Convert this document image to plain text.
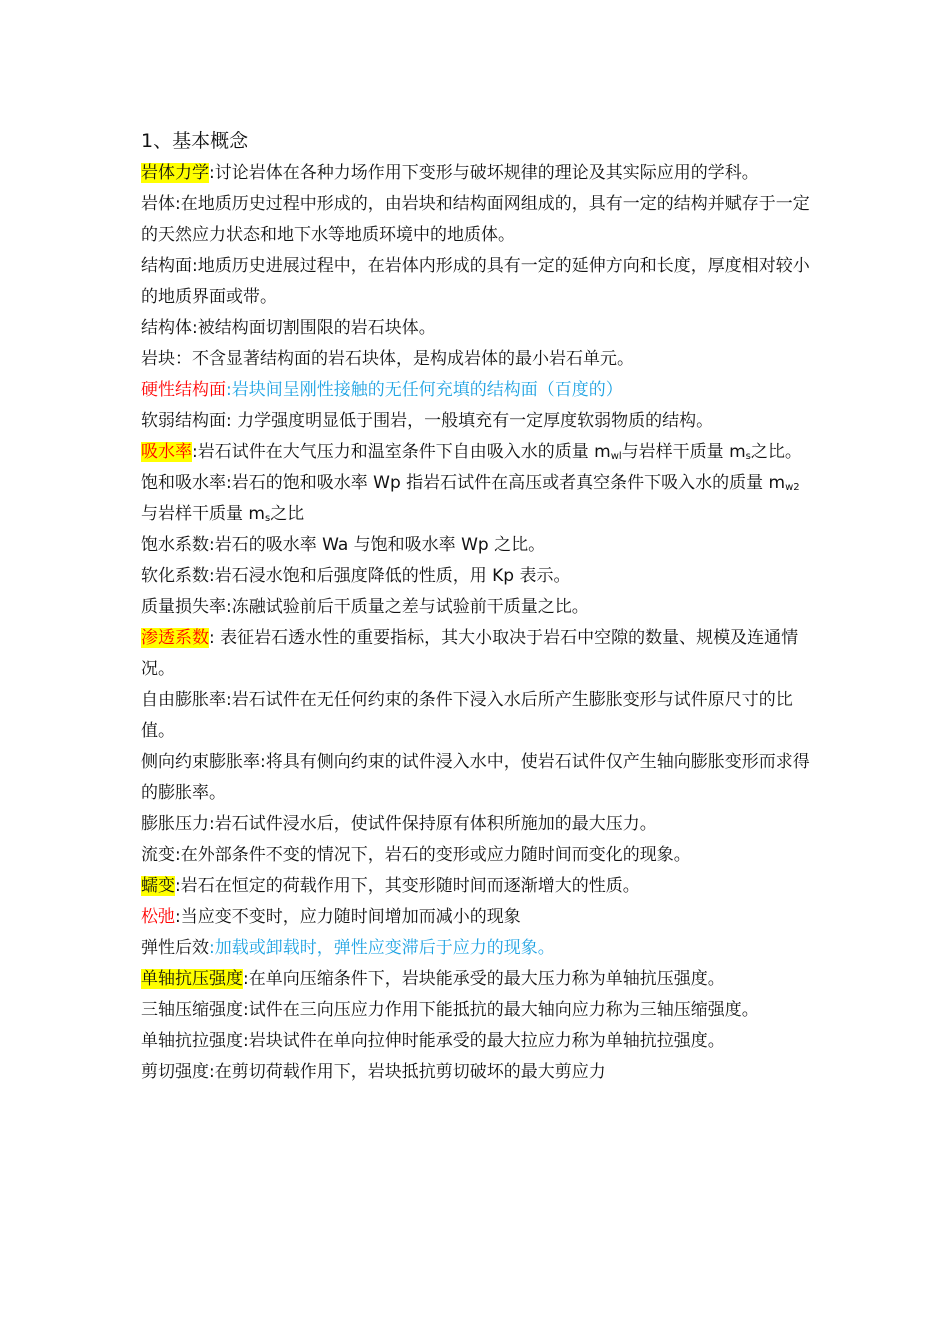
1、基本概念
岩体力学:讨论岩体在各种力场作用下变形与破坏规律的理论及其实际应用的学科。
岩体:在地质历史过程中形成的，由岩块和结构面网组成的，具有一定的结构并赋存于一定的天然应力状态和地下水等地质环境中的地质体。
结构面:地质历史进展过程中，在岩体内形成的具有一定的延伸方向和长度，厚度相对较小的地质界面或带。
结构体:被结构面切割围限的岩石块体。
岩块：不含显著结构面的岩石块体，是构成岩体的最小岩石单元。
硬性结构面:岩块间呈刚性接触的无任何充填的结构面（百度的）
软弱结构面: 力学强度明显低于围岩，一般填充有一定厚度软弱物质的结构。
吸水率:岩石试件在大气压力和温室条件下自由吸入水的质量 $m_{wl}$与岩样干质量 $m_s$之比。
饱和吸水率:岩石的饱和吸水率 Wp 指岩石试件在高压或者真空条件下吸入水的质量 $m_{w2}$与岩样干质量 $m_s$之比
饱水系数:岩石的吸水率 Wa 与饱和吸水率 Wp 之比。
软化系数:岩石浸水饱和后强度降低的性质，用 Kp 表示。
质量损失率:冻融试验前后干质量之差与试验前干质量之比。
渗透系数: 表征岩石透水性的重要指标，其大小取决于岩石中空隙的数量、规模及连通情况。
自由膨胀率:岩石试件在无任何约束的条件下浸入水后所产生膨胀变形与试件原尺寸的比值。
侧向约束膨胀率:将具有侧向约束的试件浸入水中，使岩石试件仅产生轴向膨胀变形而求得的膨胀率。
膨胀压力:岩石试件浸水后，使试件保持原有体积所施加的最大压力。
流变:在外部条件不变的情况下，岩石的变形或应力随时间而变化的现象。
蠕变:岩石在恒定的荷载作用下，其变形随时间而逐渐增大的性质。
松弛:当应变不变时，应力随时间增加而减小的现象
弹性后效:加载或卸载时，弹性应变滞后于应力的现象。
单轴抗压强度:在单向压缩条件下，岩块能承受的最大压力称为单轴抗压强度。
三轴压缩强度:试件在三向压应力作用下能抵抗的最大轴向应力称为三轴压缩强度。
单轴抗拉强度:岩块试件在单向拉伸时能承受的最大拉应力称为单轴抗拉强度。
剪切强度:在剪切荷载作用下，岩块抵抗剪切破坏的最大剪应力
